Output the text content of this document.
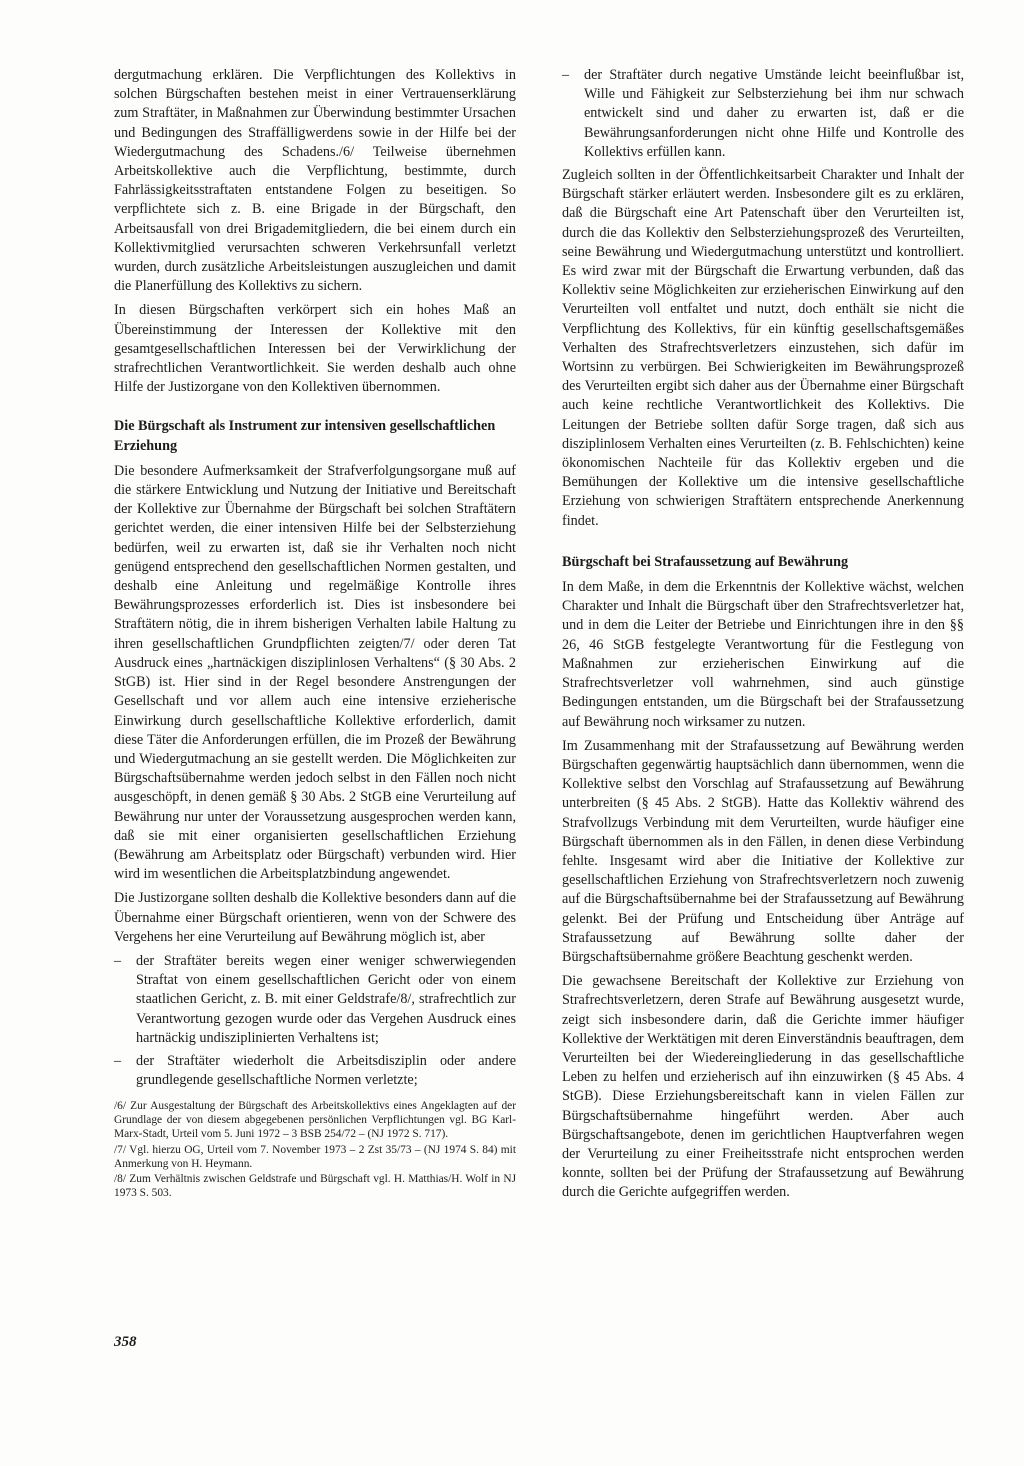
dergutmachung erklären. Die Verpflichtungen des Kollektivs in solchen Bürgschaften bestehen meist in einer Vertrauenserklärung zum Straftäter, in Maßnahmen zur Überwindung bestimmter Ursachen und Bedingungen des Straffälligwerdens sowie in der Hilfe bei der Wiedergutmachung des Schadens./6/ Teilweise übernehmen Arbeitskollektive auch die Verpflichtung, bestimmte, durch Fahrlässigkeitsstraftaten entstandene Folgen zu beseitigen. So verpflichtete sich z. B. eine Brigade in der Bürgschaft, den Arbeitsausfall von drei Brigademitgliedern, die bei einem durch ein Kollektivmitglied verursachten schweren Verkehrsunfall verletzt wurden, durch zusätzliche Arbeitsleistungen auszugleichen und damit die Planerfüllung des Kollektivs zu sichern.

In diesen Bürgschaften verkörpert sich ein hohes Maß an Übereinstimmung der Interessen der Kollektive mit den gesamtgesellschaftlichen Interessen bei der Verwirklichung der strafrechtlichen Verantwortlichkeit. Sie werden deshalb auch ohne Hilfe der Justizorgane von den Kollektiven übernommen.

Die Bürgschaft als Instrument zur intensiven gesellschaftlichen Erziehung

Die besondere Aufmerksamkeit der Strafverfolgungsorgane muß auf die stärkere Entwicklung und Nutzung der Initiative und Bereitschaft der Kollektive zur Übernahme der Bürgschaft bei solchen Straftätern gerichtet werden, die einer intensiven Hilfe bei der Selbsterziehung bedürfen, weil zu erwarten ist, daß sie ihr Verhalten noch nicht genügend entsprechend den gesellschaftlichen Normen gestalten, und deshalb eine Anleitung und regelmäßige Kontrolle ihres Bewährungsprozesses erforderlich ist. Dies ist insbesondere bei Straftätern nötig, die in ihrem bisherigen Verhalten labile Haltung zu ihren gesellschaftlichen Grundpflichten zeigten/7/ oder deren Tat Ausdruck eines „hartnäckigen disziplinlosen Verhaltens“ (§ 30 Abs. 2 StGB) ist. Hier sind in der Regel besondere Anstrengungen der Gesellschaft und vor allem auch eine intensive erzieherische Einwirkung durch gesellschaftliche Kollektive erforderlich, damit diese Täter die Anforderungen erfüllen, die im Prozeß der Bewährung und Wiedergutmachung an sie gestellt werden. Die Möglichkeiten zur Bürgschaftsübernahme werden jedoch selbst in den Fällen noch nicht ausgeschöpft, in denen gemäß § 30 Abs. 2 StGB eine Verurteilung auf Bewährung nur unter der Voraussetzung ausgesprochen werden kann, daß sie mit einer organisierten gesellschaftlichen Erziehung (Bewährung am Arbeitsplatz oder Bürgschaft) verbunden wird. Hier wird im wesentlichen die Arbeitsplatzbindung angewendet.

Die Justizorgane sollten deshalb die Kollektive besonders dann auf die Übernahme einer Bürgschaft orientieren, wenn von der Schwere des Vergehens her eine Verurteilung auf Bewährung möglich ist, aber

–	der Straftäter bereits wegen einer weniger schwerwiegenden Straftat von einem gesellschaftlichen Gericht oder von einem staatlichen Gericht, z. B. mit einer Geldstrafe/8/, strafrechtlich zur Verantwortung gezogen wurde oder das Vergehen Ausdruck eines hartnäckig undisziplinierten Verhaltens ist;
–	der Straftäter wiederholt die Arbeitsdisziplin oder andere grundlegende gesellschaftliche Normen verletzte;

/6/ Zur Ausgestaltung der Bürgschaft des Arbeitskollektivs eines Angeklagten auf der Grundlage der von diesem abgegebenen persönlichen Verpflichtungen vgl. BG Karl-Marx-Stadt, Urteil vom 5. Juni 1972 – 3 BSB 254/72 – (NJ 1972 S. 717).

/7/ Vgl. hierzu OG, Urteil vom 7. November 1973 – 2 Zst 35/73 – (NJ 1974 S. 84) mit Anmerkung von H. Heymann.

/8/ Zum Verhältnis zwischen Geldstrafe und Bürgschaft vgl. H. Matthias/H. Wolf in NJ 1973 S. 503.

–	der Straftäter durch negative Umstände leicht beeinflußbar ist, Wille und Fähigkeit zur Selbsterziehung bei ihm nur schwach entwickelt sind und daher zu erwarten ist, daß er die Bewährungsanforderungen nicht ohne Hilfe und Kontrolle des Kollektivs erfüllen kann.

Zugleich sollten in der Öffentlichkeitsarbeit Charakter und Inhalt der Bürgschaft stärker erläutert werden. Insbesondere gilt es zu erklären, daß die Bürgschaft eine Art Patenschaft über den Verurteilten ist, durch die das Kollektiv den Selbsterziehungsprozeß des Verurteilten, seine Bewährung und Wiedergutmachung unterstützt und kontrolliert. Es wird zwar mit der Bürgschaft die Erwartung verbunden, daß das Kollektiv seine Möglichkeiten zur erzieherischen Einwirkung auf den Verurteilten voll entfaltet und nutzt, doch enthält sie nicht die Verpflichtung des Kollektivs, für ein künftig gesellschaftsgemäßes Verhalten des Strafrechtsverletzers einzustehen, sich dafür im Wortsinn zu verbürgen. Bei Schwierigkeiten im Bewährungsprozeß des Verurteilten ergibt sich daher aus der Übernahme einer Bürgschaft auch keine rechtliche Verantwortlichkeit des Kollektivs. Die Leitungen der Betriebe sollten dafür Sorge tragen, daß sich aus disziplinlosem Verhalten eines Verurteilten (z. B. Fehlschichten) keine ökonomischen Nachteile für das Kollektiv ergeben und die Bemühungen der Kollektive um die intensive gesellschaftliche Erziehung von schwierigen Straftätern entsprechende Anerkennung findet.

Bürgschaft bei Strafaussetzung auf Bewährung

In dem Maße, in dem die Erkenntnis der Kollektive wächst, welchen Charakter und Inhalt die Bürgschaft über den Strafrechtsverletzer hat, und in dem die Leiter der Betriebe und Einrichtungen ihre in den §§ 26, 46 StGB festgelegte Verantwortung für die Festlegung von Maßnahmen zur erzieherischen Einwirkung auf die Strafrechtsverletzer voll wahrnehmen, sind auch günstige Bedingungen entstanden, um die Bürgschaft bei der Strafaussetzung auf Bewährung noch wirksamer zu nutzen.

Im Zusammenhang mit der Strafaussetzung auf Bewährung werden Bürgschaften gegenwärtig hauptsächlich dann übernommen, wenn die Kollektive selbst den Vorschlag auf Strafaussetzung auf Bewährung unterbreiten (§ 45 Abs. 2 StGB). Hatte das Kollektiv während des Strafvollzugs Verbindung mit dem Verurteilten, wurde häufiger eine Bürgschaft übernommen als in den Fällen, in denen diese Verbindung fehlte. Insgesamt wird aber die Initiative der Kollektive zur gesellschaftlichen Erziehung von Strafrechtsverletzern noch zuwenig auf die Bürgschaftsübernahme bei der Strafaussetzung auf Bewährung gelenkt. Bei der Prüfung und Entscheidung über Anträge auf Strafaussetzung auf Bewährung sollte daher der Bürgschaftsübernahme größere Beachtung geschenkt werden.

Die gewachsene Bereitschaft der Kollektive zur Erziehung von Strafrechtsverletzern, deren Strafe auf Bewährung ausgesetzt wurde, zeigt sich insbesondere darin, daß die Gerichte immer häufiger Kollektive der Werktätigen mit deren Einverständnis beauftragen, dem Verurteilten bei der Wiedereingliederung in das gesellschaftliche Leben zu helfen und erzieherisch auf ihn einzuwirken (§ 45 Abs. 4 StGB). Diese Erziehungsbereitschaft kann in vielen Fällen zur Bürgschaftsübernahme hingeführt werden. Aber auch Bürgschaftsangebote, denen im gerichtlichen Hauptverfahren wegen der Verurteilung zu einer Freiheitsstrafe nicht entsprochen werden konnte, sollten bei der Prüfung der Strafaussetzung auf Bewährung durch die Gerichte aufgegriffen werden.

358
